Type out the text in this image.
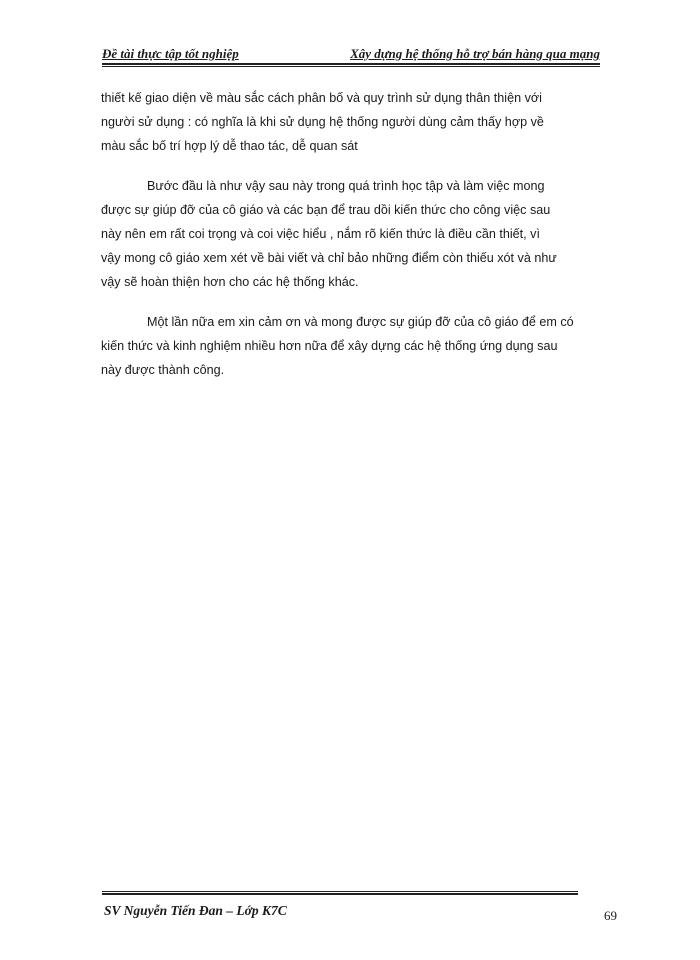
Đề tài thực tập tốt nghiệp	Xây dựng hệ thống hỗ trợ bán hàng qua mạng

thiết kế giao diện về màu sắc cách phân bố và quy trình sử dụng thân thiện với
người sử dụng : có nghĩa là khi sử dụng hệ thống người dùng cảm thấy hợp về
màu sắc bố trí hợp lý dễ thao tác, dễ quan sát

Bước đầu là như vậy sau này trong quá trình học tập và làm việc mong
được sự giúp đỡ của cô giáo và các bạn để trau dồi kiến thức cho công việc sau
này nên em rất coi trọng và coi việc hiểu , nắm rõ kiến thức là điều cần thiết, vì
vậy mong cô giáo xem xét về bài viết và chỉ bảo những điểm còn thiếu xót và như
vậy sẽ hoàn thiện hơn cho các hệ thống khác.

Một lần nữa em xin cảm ơn và mong được sự giúp đỡ của cô giáo để em có
kiến thức và kinh nghiệm nhiều hơn nữa để xây dựng các hệ thống ứng dụng sau
này được thành công.

SV Nguyễn Tiến Đan – Lớp K7C	69
